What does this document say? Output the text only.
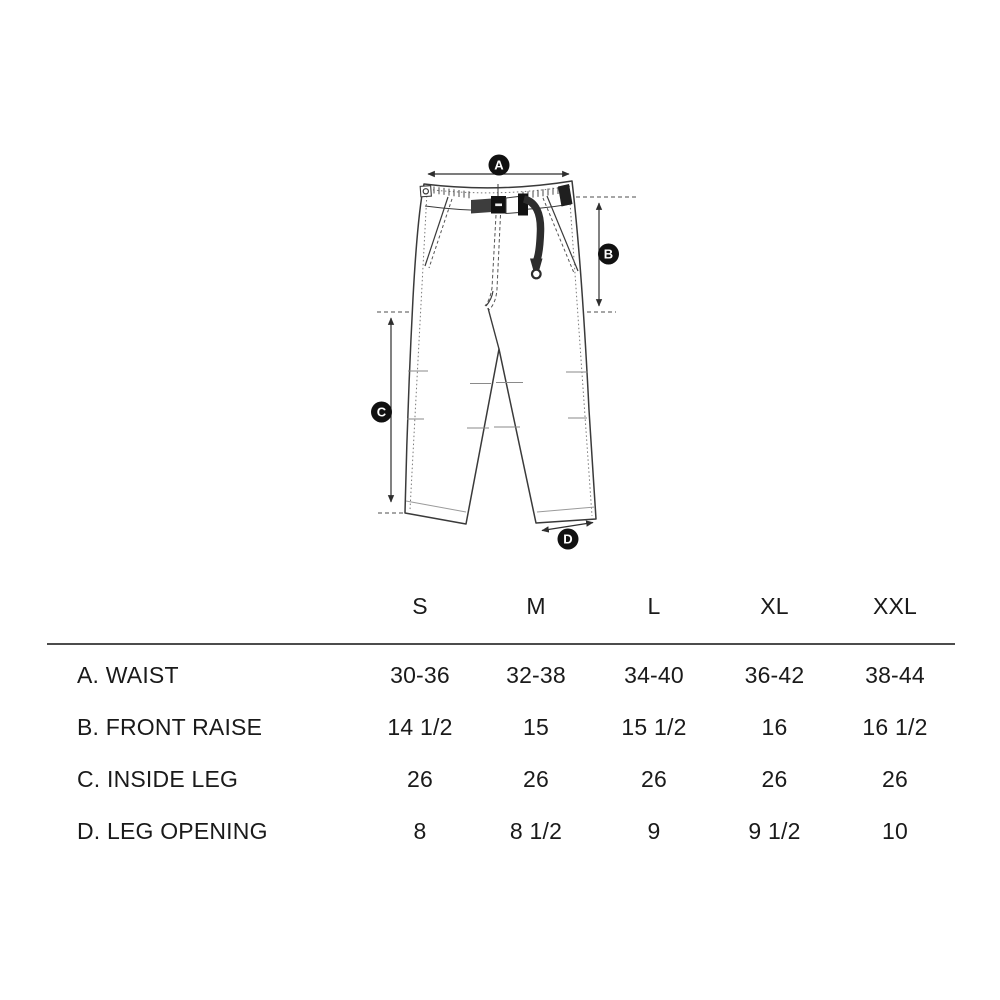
A
B
C
D
S	M	L	XL	XXL
A. WAIST	30-36	32-38	34-40	36-42	38-44
B. FRONT RAISE	14 1/2	15	15 1/2	16	16 1/2
C. INSIDE LEG	26	26	26	26	26
D. LEG OPENING	8	8 1/2	9	9 1/2	10
